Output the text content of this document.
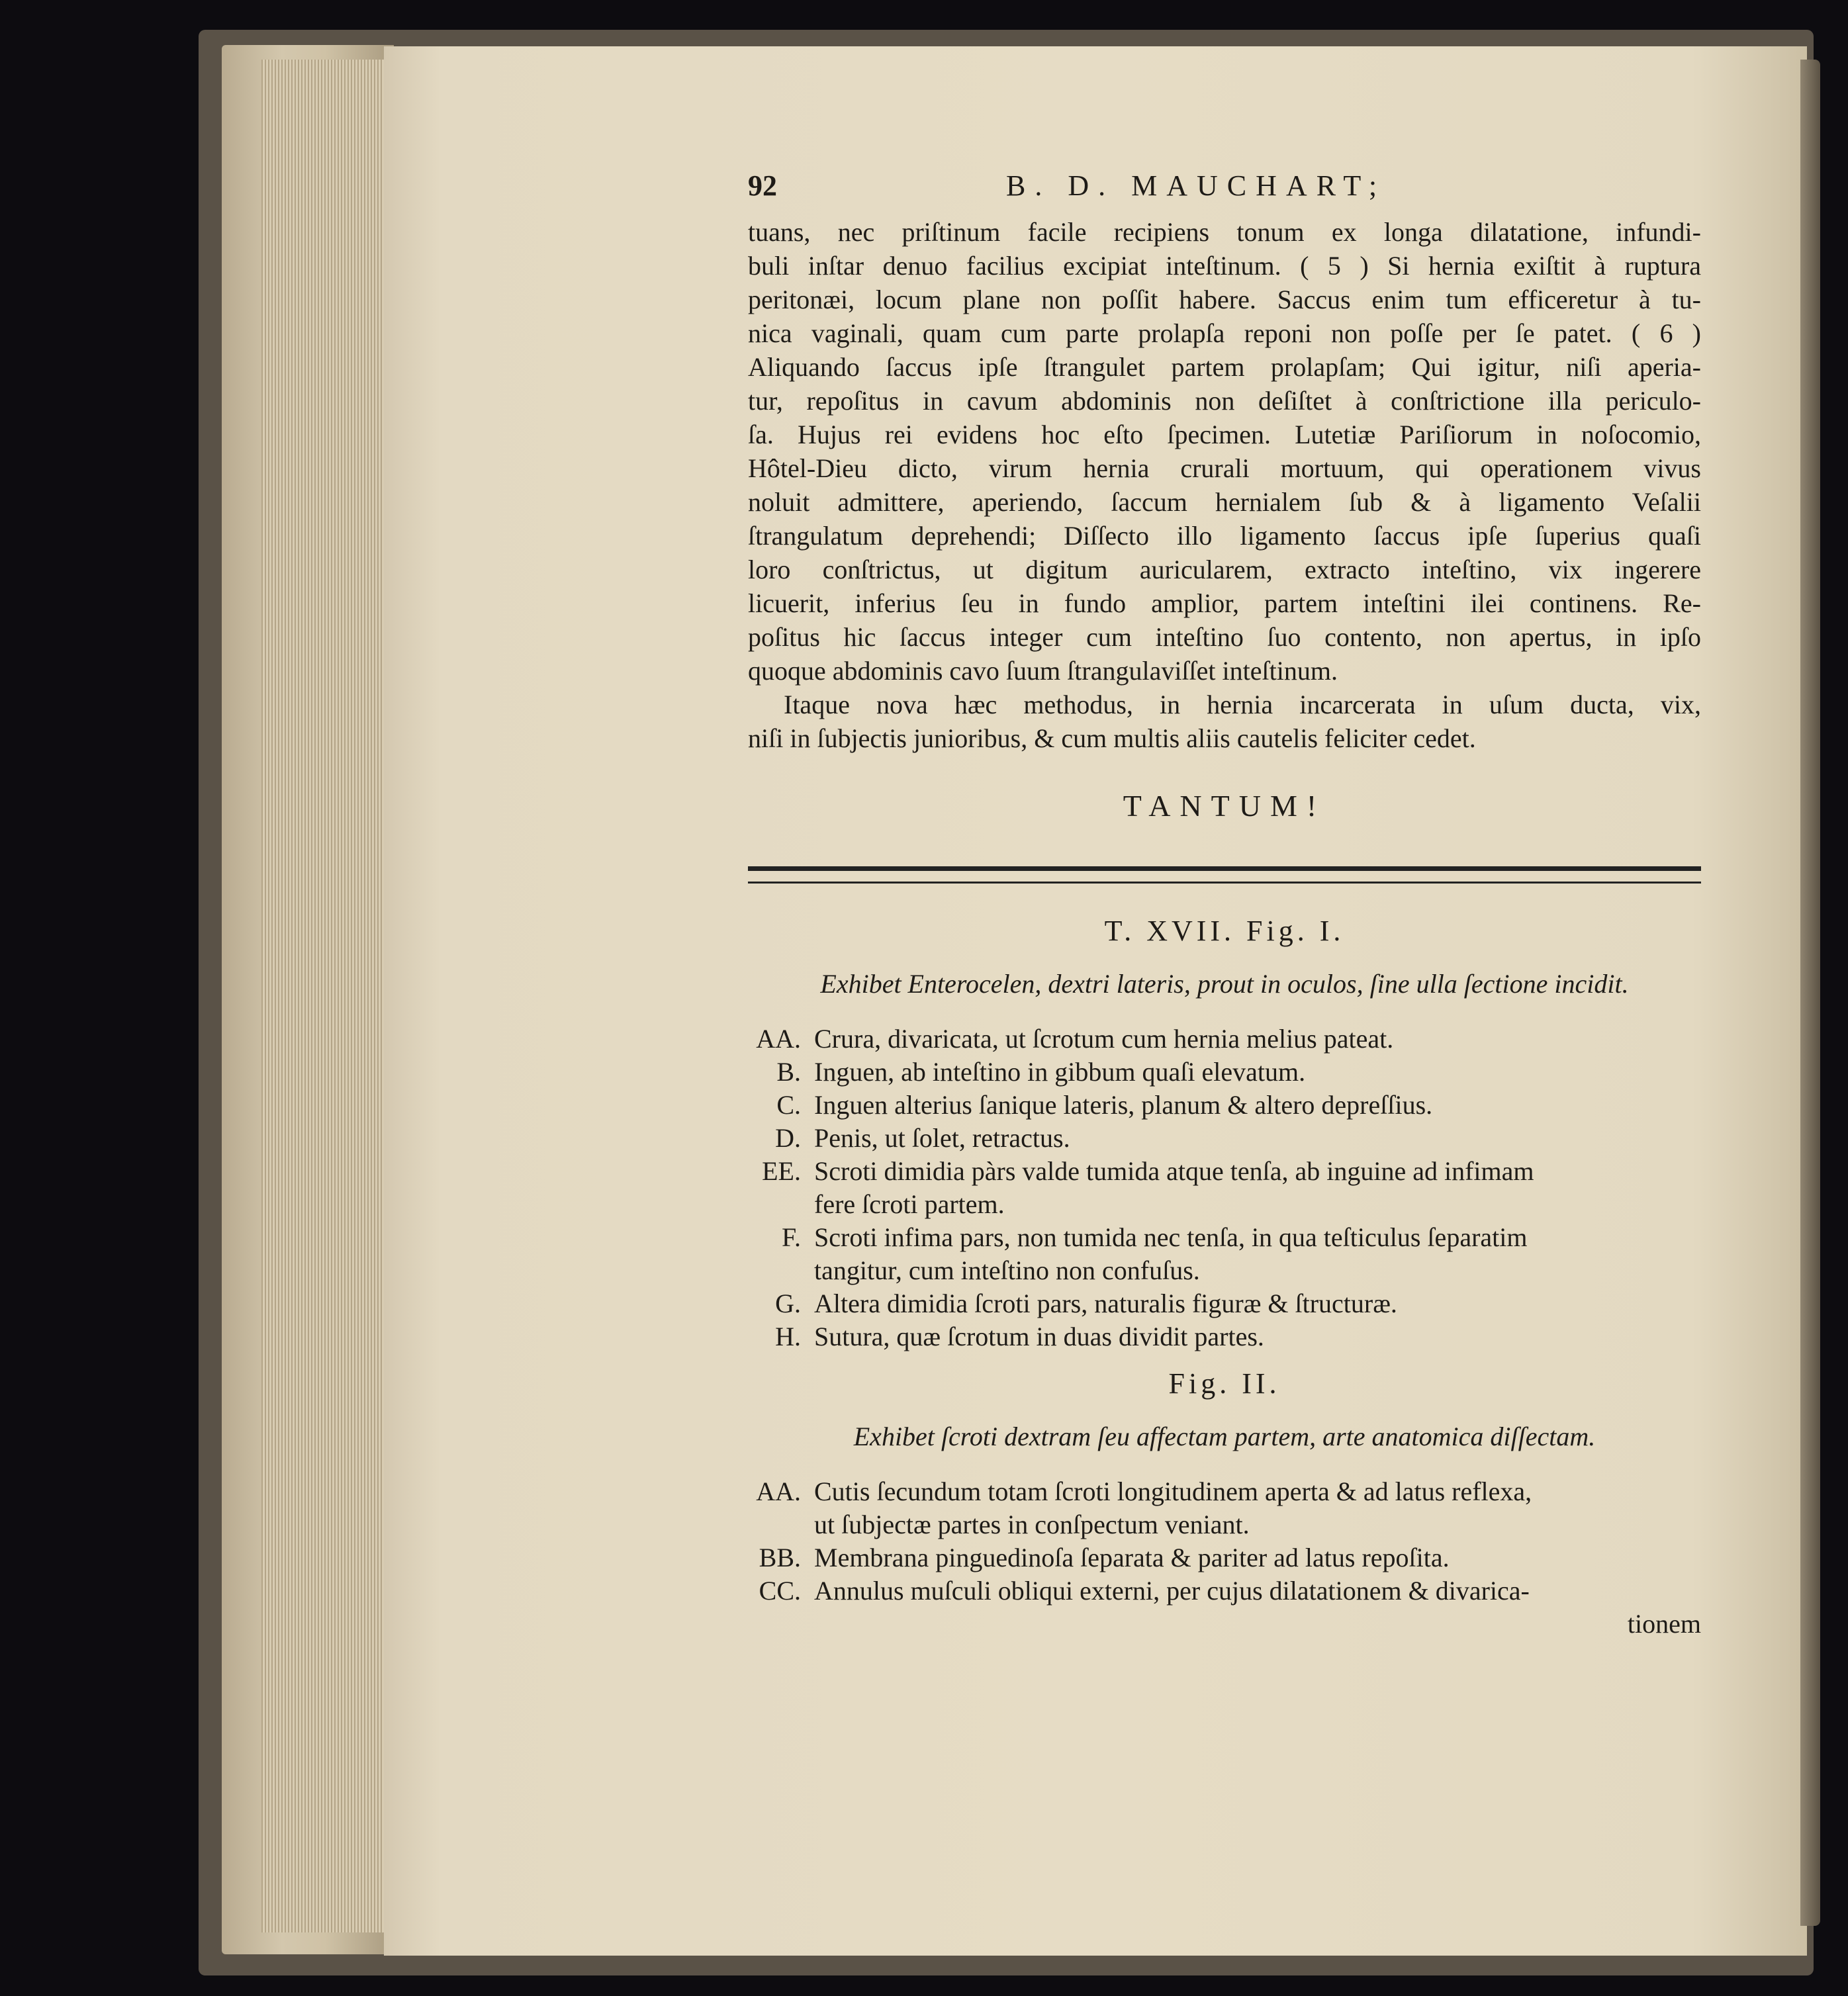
92	B. D. MAUCHART;
tuans, nec priſtinum facile recipiens tonum ex longa dilatatione, infundi-
buli inſtar denuo facilius excipiat inteſtinum. ( 5 ) Si hernia exiſtit à ruptura
peritonæi, locum plane non poſſit habere. Saccus enim tum efficeretur à tu-
nica vaginali, quam cum parte prolapſa reponi non poſſe per ſe patet. ( 6 )
Aliquando ſaccus ipſe ſtrangulet partem prolapſam; Qui igitur, niſi aperia-
tur, repoſitus in cavum abdominis non deſiſtet à conſtrictione illa periculo-
ſa. Hujus rei evidens hoc eſto ſpecimen. Lutetiæ Pariſiorum in noſocomio,
Hôtel-Dieu dicto, virum hernia crurali mortuum, qui operationem vivus
noluit admittere, aperiendo, ſaccum hernialem ſub & à ligamento Veſalii
ſtrangulatum deprehendi; Diſſecto illo ligamento ſaccus ipſe ſuperius quaſi
loro conſtrictus, ut digitum auricularem, extracto inteſtino, vix ingerere
licuerit, inferius ſeu in fundo amplior, partem inteſtini ilei continens. Re-
poſitus hic ſaccus integer cum inteſtino ſuo contento, non apertus, in ipſo
quoque abdominis cavo ſuum ſtrangulaviſſet inteſtinum.
Itaque nova hæc methodus, in hernia incarcerata in uſum ducta, vix,
niſi in ſubjectis junioribus, & cum multis aliis cautelis feliciter cedet.
TANTUM!
T. XVII. Fig. I.
Exhibet Enterocelen, dextri lateris, prout in oculos, ſine ulla ſectione incidit.
AA. Crura, divaricata, ut ſcrotum cum hernia melius pateat.
B. Inguen, ab inteſtino in gibbum quaſi elevatum.
C. Inguen alterius ſanique lateris, planum & altero depreſſius.
D. Penis, ut ſolet, retractus.
EE. Scroti dimidia pàrs valde tumida atque tenſa, ab inguine ad infimam
fere ſcroti partem.
F. Scroti infima pars, non tumida nec tenſa, in qua teſticulus ſeparatim
tangitur, cum inteſtino non confuſus.
G. Altera dimidia ſcroti pars, naturalis figuræ & ſtructuræ.
H. Sutura, quæ ſcrotum in duas dividit partes.
Fig. II.
Exhibet ſcroti dextram ſeu affectam partem, arte anatomica diſſectam.
AA. Cutis ſecundum totam ſcroti longitudinem aperta & ad latus reflexa,
ut ſubjectæ partes in conſpectum veniant.
BB. Membrana pinguedinoſa ſeparata & pariter ad latus repoſita.
CC. Annulus muſculi obliqui externi, per cujus dilatationem & divarica-
tionem
